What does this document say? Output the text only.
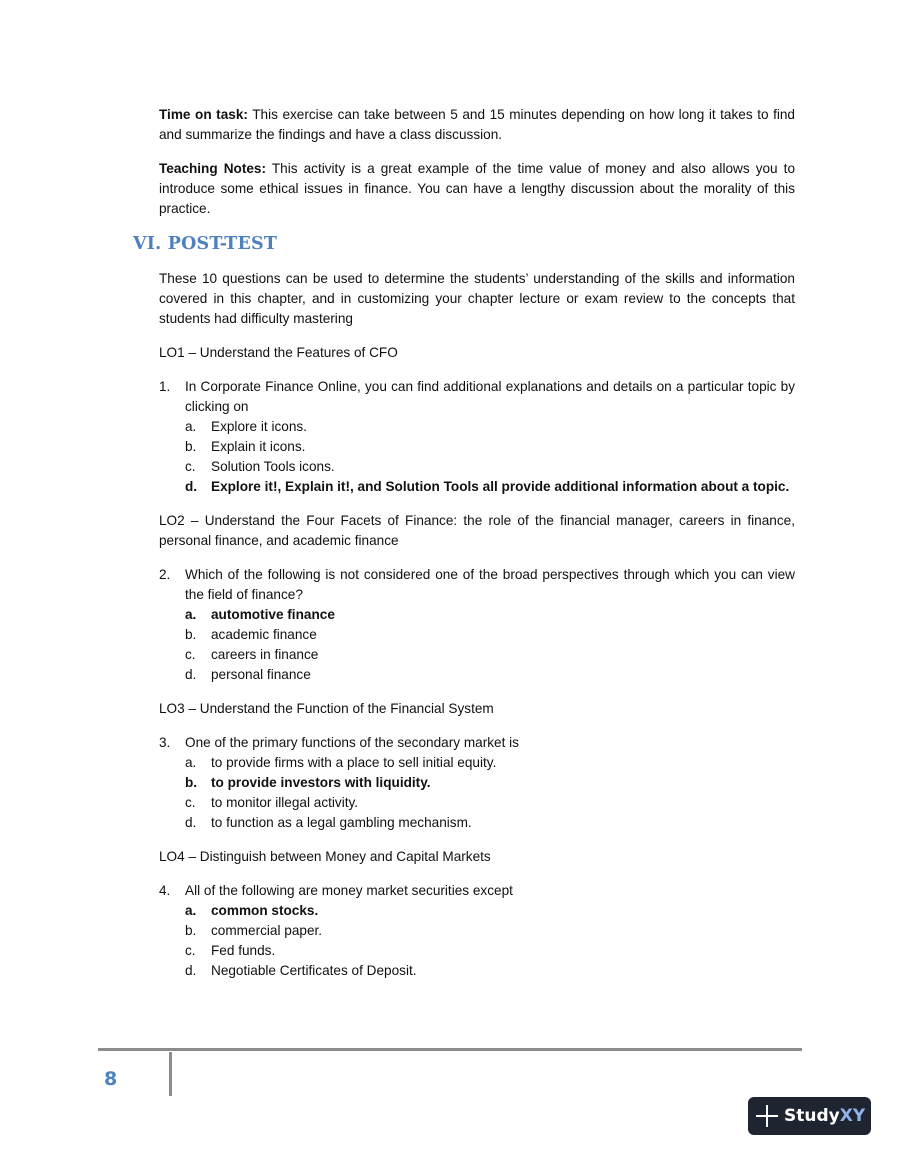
Time on task: This exercise can take between 5 and 15 minutes depending on how long it takes to find and summarize the findings and have a class discussion.

Teaching Notes: This activity is a great example of the time value of money and also allows you to introduce some ethical issues in finance. You can have a lengthy discussion about the morality of this practice.

These 10 questions can be used to determine the students’ understanding of the skills and information covered in this chapter, and in customizing your chapter lecture or exam review to the concepts that students had difficulty mastering

LO1 – Understand the Features of CFO

1.	In Corporate Finance Online, you can find additional explanations and details on a particular topic by clicking on
a.	Explore it icons.
b.	Explain it icons.
c.	Solution Tools icons.
d.	Explore it!, Explain it!, and Solution Tools all provide additional information about a topic.

LO2 – Understand the Four Facets of Finance: the role of the financial manager, careers in finance, personal finance, and academic finance

2.	Which of the following is not considered one of the broad perspectives through which you can view the field of finance?
a.	automotive finance
b.	academic finance
c.	careers in finance
d.	personal finance

LO3 – Understand the Function of the Financial System

3.	One of the primary functions of the secondary market is
a.	to provide firms with a place to sell initial equity.
b.	to provide investors with liquidity.
c.	to monitor illegal activity.
d.	to function as a legal gambling mechanism.

LO4 – Distinguish between Money and Capital Markets

4.	All of the following are money market securities except
a.	common stocks.
b.	commercial paper.
c.	Fed funds.
d.	Negotiable Certificates of Deposit.
VI. POST-TEST
8
StudyXY
